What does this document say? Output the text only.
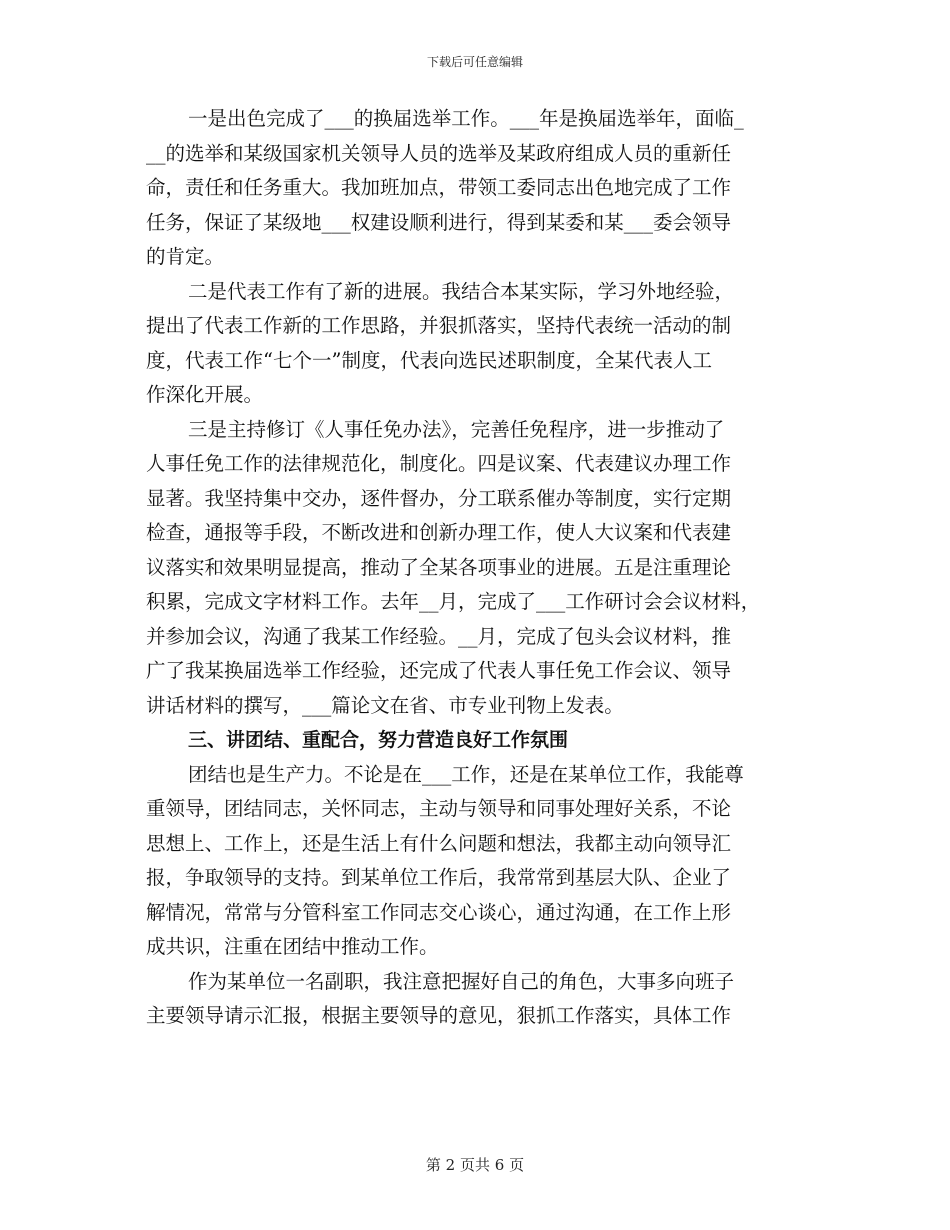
下载后可任意编辑
一是出色完成了___的换届选举工作。___年是换届选举年，面临_
__的选举和某级国家机关领导人员的选举及某政府组成人员的重新任
命，责任和任务重大。我加班加点，带领工委同志出色地完成了工作
任务，保证了某级地___权建设顺利进行，得到某委和某___委会领导
的肯定。
二是代表工作有了新的进展。我结合本某实际，学习外地经验，
提出了代表工作新的工作思路，并狠抓落实，坚持代表统一活动的制
度，代表工作“七个一”制度，代表向选民述职制度，全某代表人工
作深化开展。
三是主持修订《人事任免办法》，完善任免程序，进一步推动了
人事任免工作的法律规范化，制度化。四是议案、代表建议办理工作
显著。我坚持集中交办，逐件督办，分工联系催办等制度，实行定期
检查，通报等手段，不断改进和创新办理工作，使人大议案和代表建
议落实和效果明显提高，推动了全某各项事业的进展。五是注重理论
积累，完成文字材料工作。去年__月，完成了___工作研讨会会议材料，
并参加会议，沟通了我某工作经验。__月，完成了包头会议材料，推
广了我某换届选举工作经验，还完成了代表人事任免工作会议、领导
讲话材料的撰写，___篇论文在省、市专业刊物上发表。
三、讲团结、重配合，努力营造良好工作氛围
团结也是生产力。不论是在___工作，还是在某单位工作，我能尊
重领导，团结同志，关怀同志，主动与领导和同事处理好关系，不论
思想上、工作上，还是生活上有什么问题和想法，我都主动向领导汇
报，争取领导的支持。到某单位工作后，我常常到基层大队、企业了
解情况，常常与分管科室工作同志交心谈心，通过沟通，在工作上形
成共识，注重在团结中推动工作。
作为某单位一名副职，我注意把握好自己的角色，大事多向班子
主要领导请示汇报，根据主要领导的意见，狠抓工作落实，具体工作
第 2 页共 6 页
